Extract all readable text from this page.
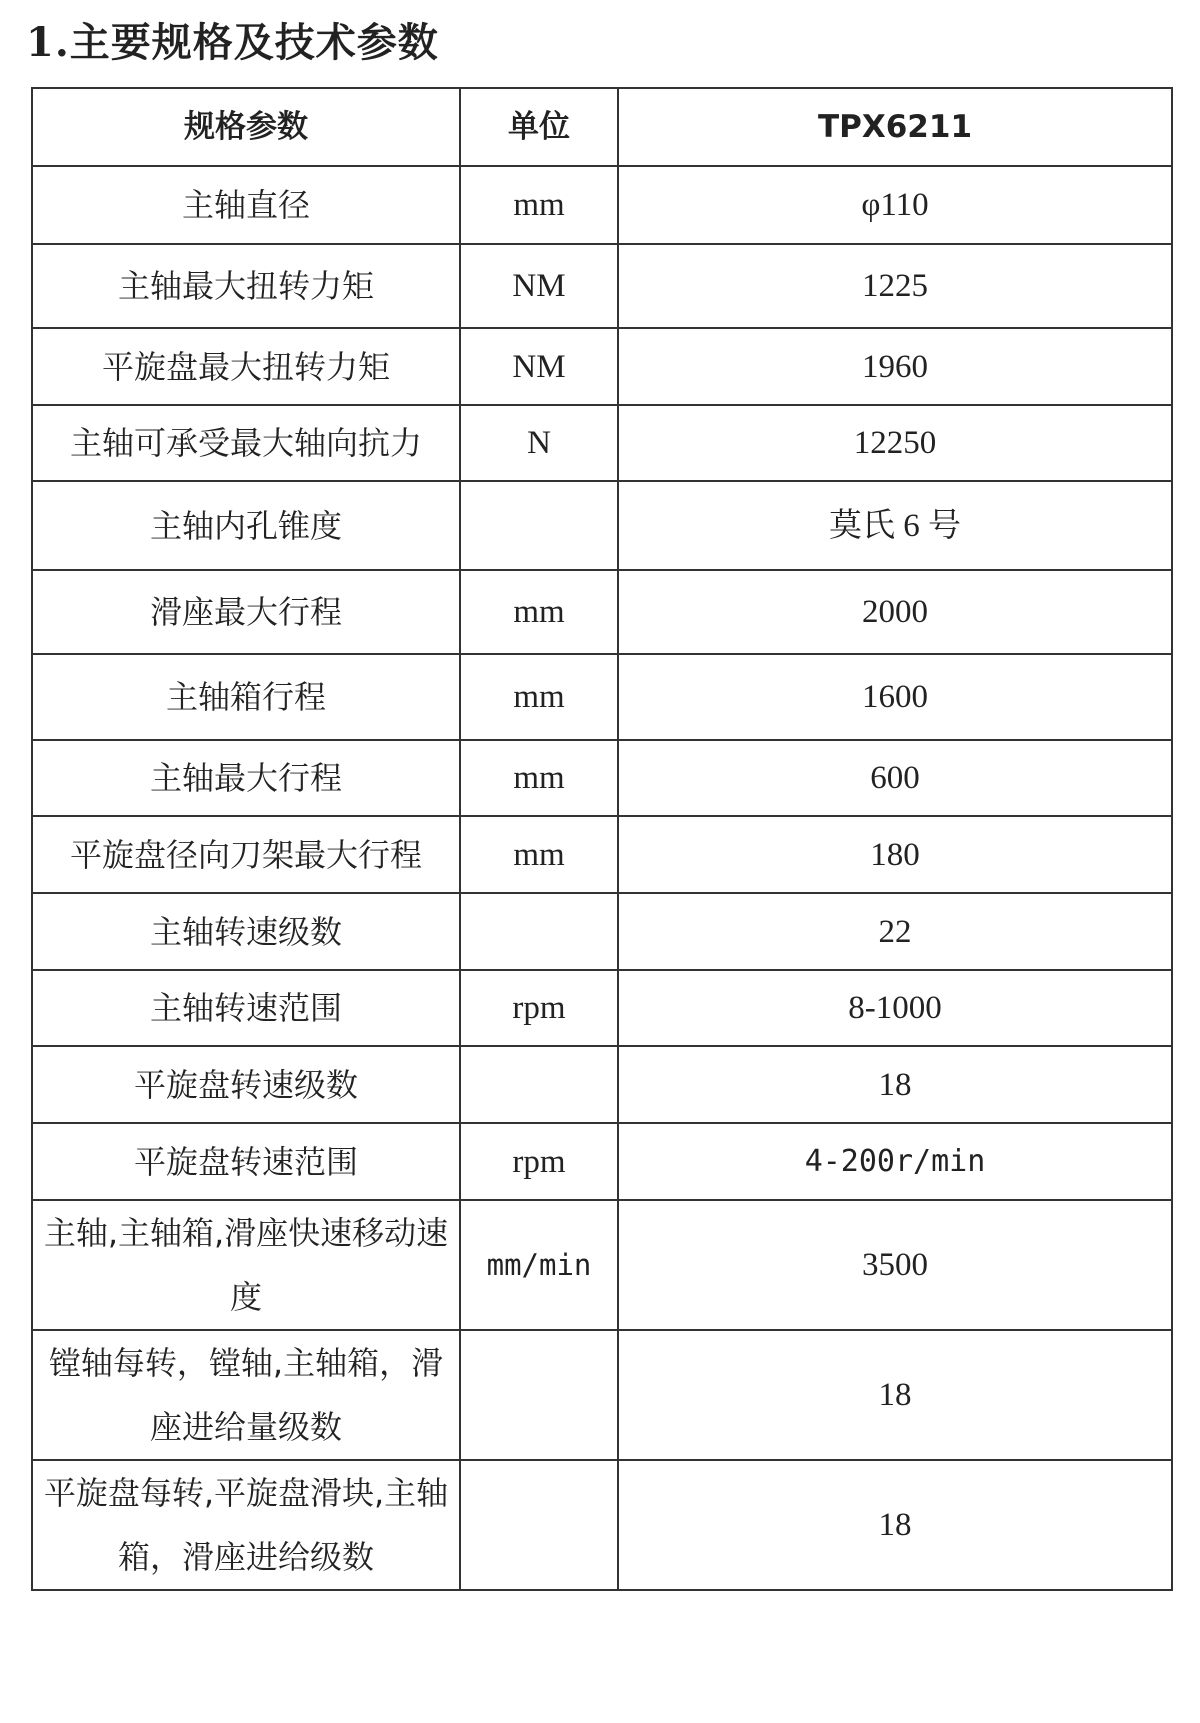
1.主要规格及技术参数
规格参数	单位	TPX6211
主轴直径	mm	φ110
主轴最大扭转力矩	NM	1225
平旋盘最大扭转力矩	NM	1960
主轴可承受最大轴向抗力	N	12250
主轴内孔锥度		莫氏 6 号
滑座最大行程	mm	2000
主轴箱行程	mm	1600
主轴最大行程	mm	600
平旋盘径向刀架最大行程	mm	180
主轴转速级数		22
主轴转速范围	rpm	8-1000
平旋盘转速级数		18
平旋盘转速范围	rpm	4-200r/min
主轴,主轴箱,滑座快速移动速度	mm/min	3500
镗轴每转，镗轴,主轴箱，滑座进给量级数		18
平旋盘每转,平旋盘滑块,主轴箱，滑座进给级数		18
